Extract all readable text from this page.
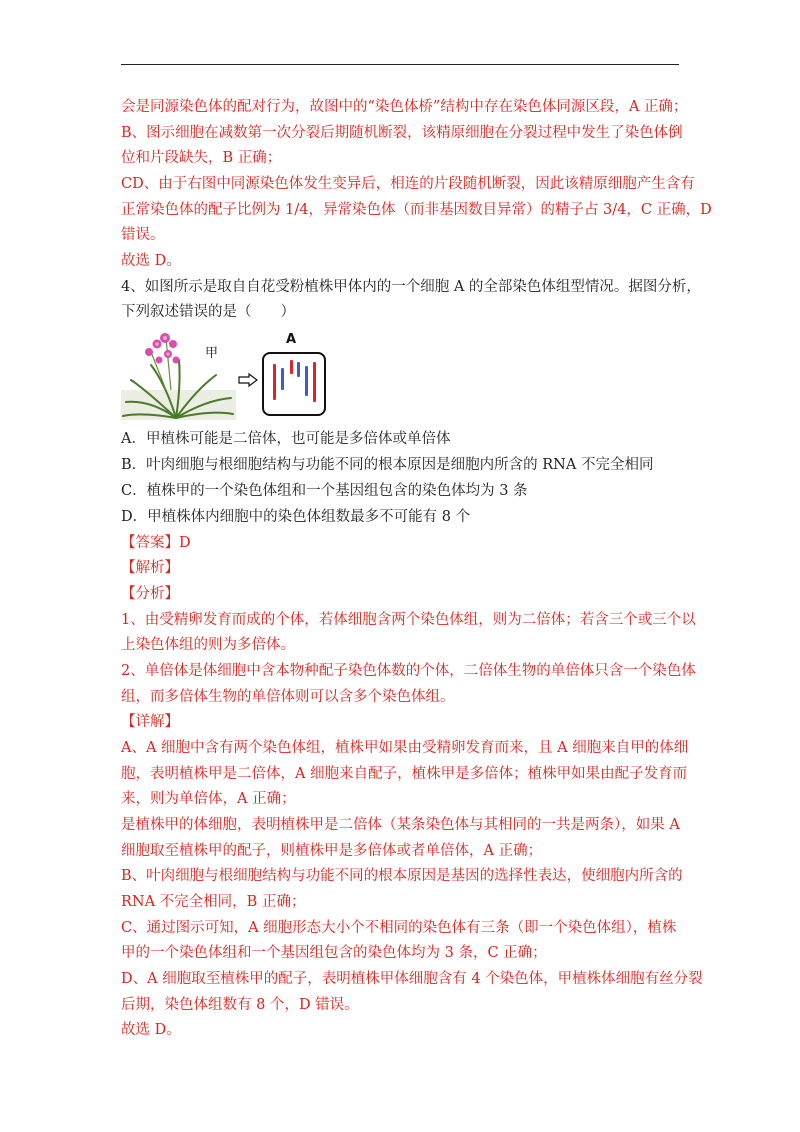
会是同源染色体的配对行为，故图中的“染色体桥”结构中存在染色体同源区段，A 正确；
B、图示细胞在减数第一次分裂后期随机断裂，该精原细胞在分裂过程中发生了染色体倒
位和片段缺失，B 正确；
CD、由于右图中同源染色体发生变异后，相连的片段随机断裂，因此该精原细胞产生含有
正常染色体的配子比例为 1/4，异常染色体（而非基因数目异常）的精子占 3/4，C 正确，D
错误。
故选 D。
4、如图所示是取自自花受粉植株甲体内的一个细胞 A 的全部染色体组型情况。据图分析，
下列叙述错误的是（　　）
甲
A
A．甲植株可能是二倍体，也可能是多倍体或单倍体
B．叶肉细胞与根细胞结构与功能不同的根本原因是细胞内所含的 RNA 不完全相同
C．植株甲的一个染色体组和一个基因组包含的染色体均为 3 条
D．甲植株体内细胞中的染色体组数最多不可能有 8 个
【答案】D
【解析】
【分析】
1、由受精卵发育而成的个体，若体细胞含两个染色体组，则为二倍体；若含三个或三个以
上染色体组的则为多倍体。
2、单倍体是体细胞中含本物种配子染色体数的个体，二倍体生物的单倍体只含一个染色体
组，而多倍体生物的单倍体则可以含多个染色体组。
【详解】
A、A 细胞中含有两个染色体组，植株甲如果由受精卵发育而来，且 A 细胞来自甲的体细
胞，表明植株甲是二倍体，A 细胞来自配子，植株甲是多倍体；植株甲如果由配子发育而
来，则为单倍体，A 正确；
是植株甲的体细胞，表明植株甲是二倍体（某条染色体与其相同的一共是两条），如果 A
细胞取至植株甲的配子，则植株甲是多倍体或者单倍体，A 正确；
B、叶肉细胞与根细胞结构与功能不同的根本原因是基因的选择性表达，使细胞内所含的
RNA 不完全相同，B 正确；
C、通过图示可知，A 细胞形态大小个不相同的染色体有三条（即一个染色体组），植株
甲的一个染色体组和一个基因组包含的染色体均为 3 条，C 正确；
D、A 细胞取至植株甲的配子，表明植株甲体细胞含有 4 个染色体，甲植株体细胞有丝分裂
后期，染色体组数有 8 个，D 错误。
故选 D。
